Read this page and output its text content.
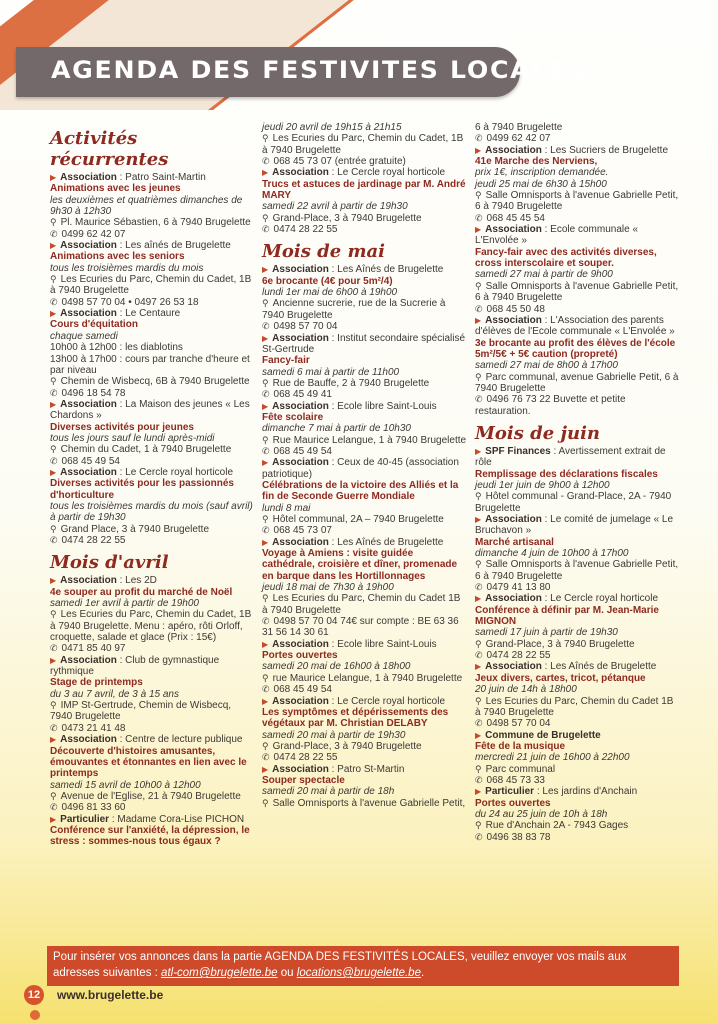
AGENDA DES FESTIVITES LOCALES
Activités récurrentes
▶ Association : Patro Saint-Martin
Animations avec les jeunes
les deuxièmes et quatrièmes dimanches de 9h30 à 12h30
⚲ Pl. Maurice Sébastien, 6 à 7940 Brugelette
✆ 0499 62 42 07
▶ Association : Les aînés de Brugelette
Animations avec les seniors
tous les troisièmes mardis du mois
⚲ Les Ecuries du Parc, Chemin du Cadet, 1B à 7940 Brugelette
✆ 0498 57 70 04 • 0497 26 53 18
▶ Association : Le Centaure
Cours d'équitation
chaque samedi
10h00 à 12h00 : les diablotins
13h00 à 17h00 : cours par tranche d'heure et par niveau
⚲ Chemin de Wisbecq, 6B à 7940 Brugelette
✆ 0496 18 54 78
▶ Association : La Maison des jeunes « Les Chardons »
Diverses activités pour jeunes
tous les jours sauf le lundi après-midi
⚲ Chemin du Cadet, 1 à 7940 Brugelette
✆ 068 45 49 54
▶ Association : Le Cercle royal horticole
Diverses activités pour les passionnés d'horticulture
tous les troisièmes mardis du mois (sauf avril) à partir de 19h30
⚲ Grand Place, 3 à 7940 Brugelette
✆ 0474 28 22 55
Mois d'avril
▶ Association : Les 2D
4e souper au profit du marché de Noël
samedi 1er avril à partir de 19h00
⚲ Les Ecuries du Parc, Chemin du Cadet, 1B à 7940 Brugelette. Menu : apéro, rôti Orloff, croquette, salade et glace (Prix : 15€)
✆ 0471 85 40 97
▶ Association : Club de gymnastique rythmique
Stage de printemps
du 3 au 7 avril, de 3 à 15 ans
⚲ IMP St-Gertrude, Chemin de Wisbecq, 7940 Brugelette
✆ 0473 21 41 48
▶ Association : Centre de lecture publique
Découverte d'histoires amusantes, émouvantes et étonnantes en lien avec le printemps
samedi 15 avril de 10h00 à 12h00
⚲ Avenue de l'Eglise, 21 à 7940 Brugelette
✆ 0496 81 33 60
▶ Particulier : Madame Cora-Lise PICHON
Conférence sur l'anxiété, la dépression, le stress : sommes-nous tous égaux ?
jeudi 20 avril de 19h15 à 21h15
⚲ Les Ecuries du Parc, Chemin du Cadet, 1B à 7940 Brugelette
✆ 068 45 73 07 (entrée gratuite)
▶ Association : Le Cercle royal horticole
Trucs et astuces de jardinage par M. André MARY
samedi 22 avril à partir de 19h30
⚲ Grand-Place, 3 à 7940 Brugelette
✆ 0474 28 22 55
Mois de mai
▶ Association : Les Aînés de Brugelette
6e brocante (4€ pour 5m²/4)
lundi 1er mai de 6h00 à 19h00
⚲ Ancienne sucrerie, rue de la Sucrerie à 7940 Brugelette
✆ 0498 57 70 04
▶ Association : Institut secondaire spécialisé St-Gertrude
Fancy-fair
samedi 6 mai à partir de 11h00
⚲ Rue de Bauffe, 2 à 7940 Brugelette
✆ 068 45 49 41
▶ Association : Ecole libre Saint-Louis
Fête scolaire
dimanche 7 mai à partir de 10h30
⚲ Rue Maurice Lelangue, 1 à 7940 Brugelette
✆ 068 45 49 54
▶ Association : Ceux de 40-45 (association patriotique)
Célébrations de la victoire des Alliés et la fin de Seconde Guerre Mondiale
lundi 8 mai
⚲ Hôtel communal, 2A – 7940 Brugelette
✆ 068 45 73 07
▶ Association : Les Aînés de Brugelette
Voyage à Amiens : visite guidée cathédrale, croisière et dîner, promenade en barque dans les Hortillonnages
jeudi 18 mai de 7h30 à 19h00
⚲ Les Ecuries du Parc, Chemin du Cadet 1B à 7940 Brugelette
✆ 0498 57 70 04 74€ sur compte : BE 63 36 31 56 14 30 61
▶ Association : Ecole libre Saint-Louis
Portes ouvertes
samedi 20 mai de 16h00 à 18h00
⚲ rue Maurice Lelangue, 1 à 7940 Brugelette
✆ 068 45 49 54
▶ Association : Le Cercle royal horticole
Les symptômes et dépérissements des végétaux par M. Christian DELABY
samedi 20 mai à partir de 19h30
⚲ Grand-Place, 3 à 7940 Brugelette
✆ 0474 28 22 55
▶ Association : Patro St-Martin
Souper spectacle
samedi 20 mai à partir de 18h
⚲ Salle Omnisports à l'avenue Gabrielle Petit,
6 à 7940 Brugelette
✆ 0499 62 42 07
▶ Association : Les Sucriers de Brugelette
41e Marche des Nerviens,
prix 1€, inscription demandée.
jeudi 25 mai de 6h30 à 15h00
⚲ Salle Omnisports à l'avenue Gabrielle Petit, 6 à 7940 Brugelette
✆ 068 45 45 54
▶ Association : Ecole communale « L'Envolée »
Fancy-fair avec des activités diverses, cross interscolaire et souper.
samedi 27 mai à partir de 9h00
⚲ Salle Omnisports à l'avenue Gabrielle Petit, 6 à 7940 Brugelette
✆ 068 45 50 48
▶ Association : L'Association des parents d'élèves de l'Ecole communale « L'Envolée »
3e brocante au profit des élèves de l'école 5m²/5€ + 5€ caution (propreté)
samedi 27 mai de 8h00 à 17h00
⚲ Parc communal, avenue Gabrielle Petit, 6 à 7940 Brugelette
✆ 0496 76 73 22 Buvette et petite restauration.
Mois de juin
▶ SPF Finances : Avertissement extrait de rôle
Remplissage des déclarations fiscales
jeudi 1er juin de 9h00 à 12h00
⚲ Hôtel communal - Grand-Place, 2A - 7940 Brugelette
▶ Association : Le comité de jumelage « Le Bruchavon »
Marché artisanal
dimanche 4 juin de 10h00 à 17h00
⚲ Salle Omnisports à l'avenue Gabrielle Petit, 6 à 7940 Brugelette
✆ 0479 41 13 80
▶ Association : Le Cercle royal horticole
Conférence à définir par M. Jean-Marie MIGNON
samedi 17 juin à partir de 19h30
⚲ Grand-Place, 3 à 7940 Brugelette
✆ 0474 28 22 55
▶ Association : Les Aînés de Brugelette
Jeux divers, cartes, tricot, pétanque
20 juin de 14h à 18h00
⚲ Les Ecuries du Parc, Chemin du Cadet 1B à 7940 Brugelette
✆ 0498 57 70 04
▶ Commune de Brugelette
Fête de la musique
mercredi 21 juin de 16h00 à 22h00
⚲ Parc communal
✆ 068 45 73 33
▶ Particulier : Les jardins d'Anchain
Portes ouvertes
du 24 au 25 juin de 10h à 18h
⚲ Rue d'Anchain 2A - 7943 Gages
✆ 0496 38 83 78
Pour insérer vos annonces dans la partie AGENDA DES FESTIVITÉS LOCALES, veuillez envoyer vos mails aux adresses suivantes : atl-com@brugelette.be ou locations@brugelette.be.
12	www.brugelette.be
